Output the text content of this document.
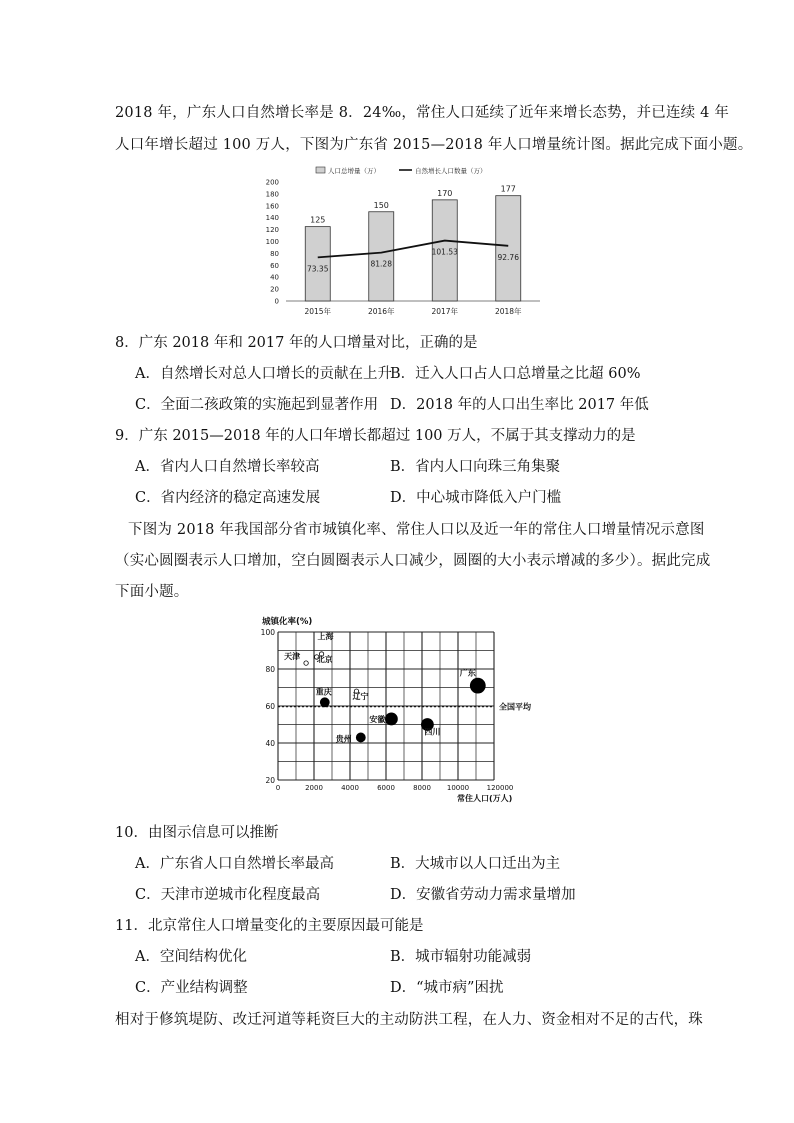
2018 年，广东人口自然增长率是 8．24‰，常住人口延续了近年来增长态势，并已连续 4 年
人口年增长超过 100 万人，下图为广东省 2015—2018 年人口增量统计图。据此完成下面小题。
人口总增量（万）	自然增长人口数量（万）
0
20
40
60
80
100
120
140
160
180
200
2015年	2016年	2017年	2018年
125
150
170	177
73.35
81.28
101.53
92.76
8．广东 2018 年和 2017 年的人口增量对比，正确的是
A．自然增长对总人口增长的贡献在上升
B．迁入人口占人口总增量之比超 60%
C．全面二孩政策的实施起到显著作用 D．2018 年的人口出生率比 2017 年低
9．广东 2015—2018 年的人口年增长都超过 100 万人，不属于其支撑动力的是
A．省内人口自然增长率较高	B．省内人口向珠三角集聚
C．省内经济的稳定高速发展	D．中心城市降低入户门槛
下图为 2018 年我国部分省市城镇化率、常住人口以及近一年的常住人口增量情况示意图
（实心圆圈表示人口增加，空白圆圈表示人口减少，圆圈的大小表示增减的多少）。据此完成
下面小题。
城镇化率(%)
20
40
60
80
100
0	2000	4000	6000	8000 10000 120000
常住人口(万人)
全国平均
天津
上海
北京
重庆
辽宁
安徽
贵州
四川
广东
10．由图示信息可以推断
A．广东省人口自然增长率最高	B．大城市以人口迁出为主
C．天津市逆城市化程度最高	D．安徽省劳动力需求量增加
11．北京常住人口增量变化的主要原因最可能是
A．空间结构优化	B．城市辐射功能减弱
C．产业结构调整	D．“城市病”困扰
相对于修筑堤防、改迁河道等耗资巨大的主动防洪工程，在人力、资金相对不足的古代，珠
